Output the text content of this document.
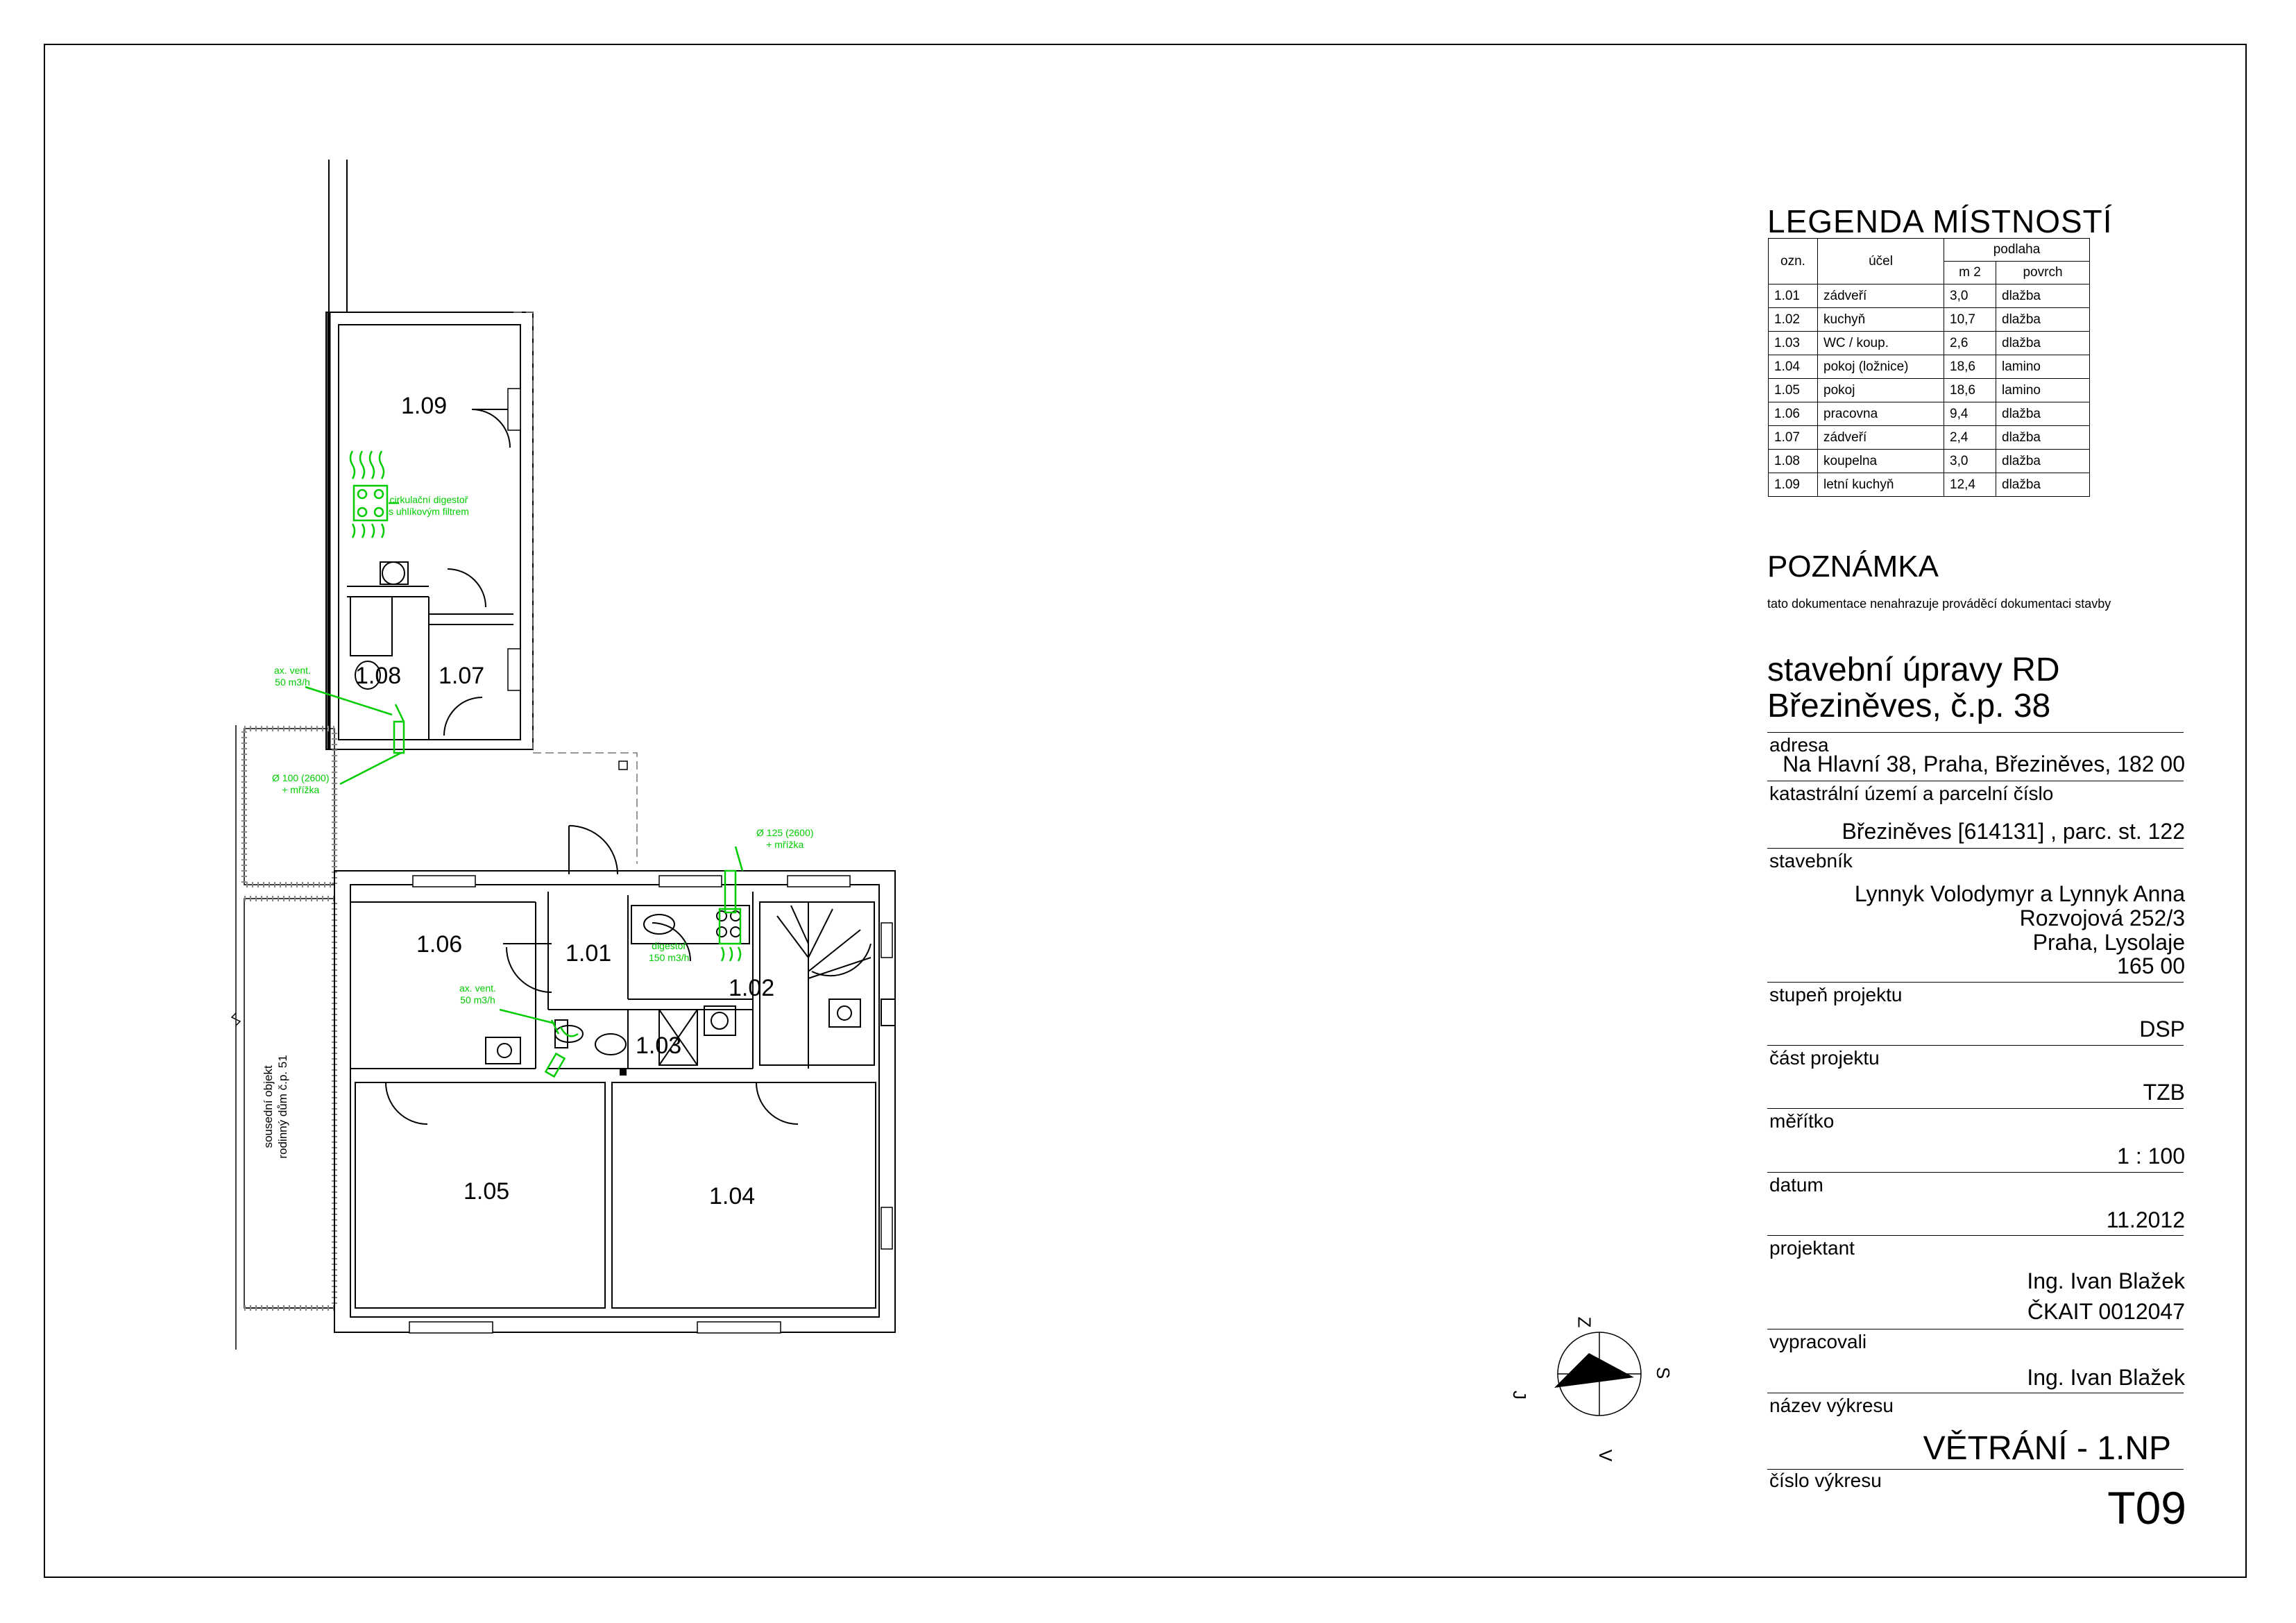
1.09
1.08 1.07
1.06	1.01
1.02
1.03
1.05	1.04
cirkulační digestoř
s uhlíkovým filtrem
ax. vent.
50 m3/h
Ø 100 (2600)
+ mřížka
Ø 125 (2600)
+ mřížka
digestoř
150 m3/h
ax. vent.
50 m3/h
sousední objekt rodinný dům č.p. 51
Z
V
S
J
LEGENDA MÍSTNOSTÍ
ozn.	účel	podlaha	
		m 2	povrch
1.01	zádveří	3,0	dlažba
1.02	kuchyň	10,7	dlažba
1.03	WC / koup.	2,6	dlažba
1.04	pokoj (ložnice)	18,6	lamino
1.05	pokoj	18,6	lamino
1.06	pracovna	9,4	dlažba
1.07	zádveří	2,4	dlažba
1.08	koupelna	3,0	dlažba
1.09	letní kuchyň	12,4	dlažba
POZNÁMKA
tato dokumentace nenahrazuje prováděcí dokumentaci stavby
stavební úpravy RD
Březiněves, č.p. 38
adresa
Na Hlavní 38, Praha, Březiněves, 182 00
katastrální území a parcelní číslo
Březiněves [614131] , parc. st. 122
stavebník
Lynnyk Volodymyr a Lynnyk Anna
Rozvojová 252/3
Praha, Lysolaje
165 00
stupeň projektu
DSP
část projektu
TZB
měřítko
1 : 100
datum
11.2012
projektant
Ing. Ivan Blažek
ČKAIT 0012047
vypracovali
Ing. Ivan Blažek
název výkresu
VĚTRÁNÍ - 1.NP
číslo výkresu
T09
